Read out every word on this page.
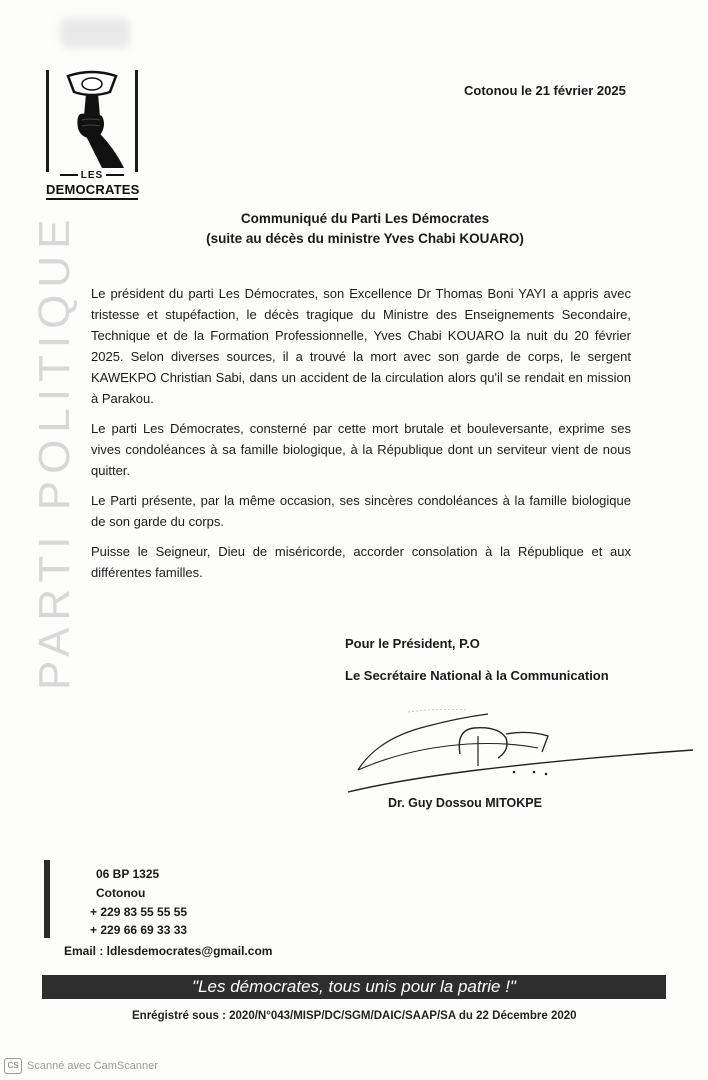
LES
DEMOCRATES
Cotonou le 21 février 2025
Communiqué du Parti Les Démocrates
(suite au décès du ministre Yves Chabi KOUARO)
PARTI POLITIQUE Le président du parti Les Démocrates, son Excellence Dr Thomas Boni YAYI a appris avec tristesse et stupéfaction, le décès tragique du Ministre des Enseignements Secondaire, Technique et de la Formation Professionnelle, Yves Chabi KOUARO la nuit du 20 février 2025. Selon diverses sources, il a trouvé la mort avec son garde de corps, le sergent KAWEKPO Christian Sabi, dans un accident de la circulation alors qu'il se rendait en mission à Parakou.

Le parti Les Démocrates, consterné par cette mort brutale et bouleversante, exprime ses vives condoléances à sa famille biologique, à la République dont un serviteur vient de nous quitter.

Le Parti présente, par la même occasion, ses sincères condoléances à la famille biologique de son garde du corps.

Puisse le Seigneur, Dieu de miséricorde, accorder consolation à la République et aux différentes familles.

Pour le Président, P.O
Le Secrétaire National à la Communication
Dr. Guy Dossou MITOKPE
06 BP 1325
Cotonou
+ 229 83 55 55 55
+ 229 66 69 33 33
Email : ldlesdemocrates@gmail.com
"Les démocrates, tous unis pour la patrie !"
Enrégistré sous : 2020/N°043/MISP/DC/SGM/DAIC/SAAP/SA du 22 Décembre 2020
CS Scanné avec CamScanner
